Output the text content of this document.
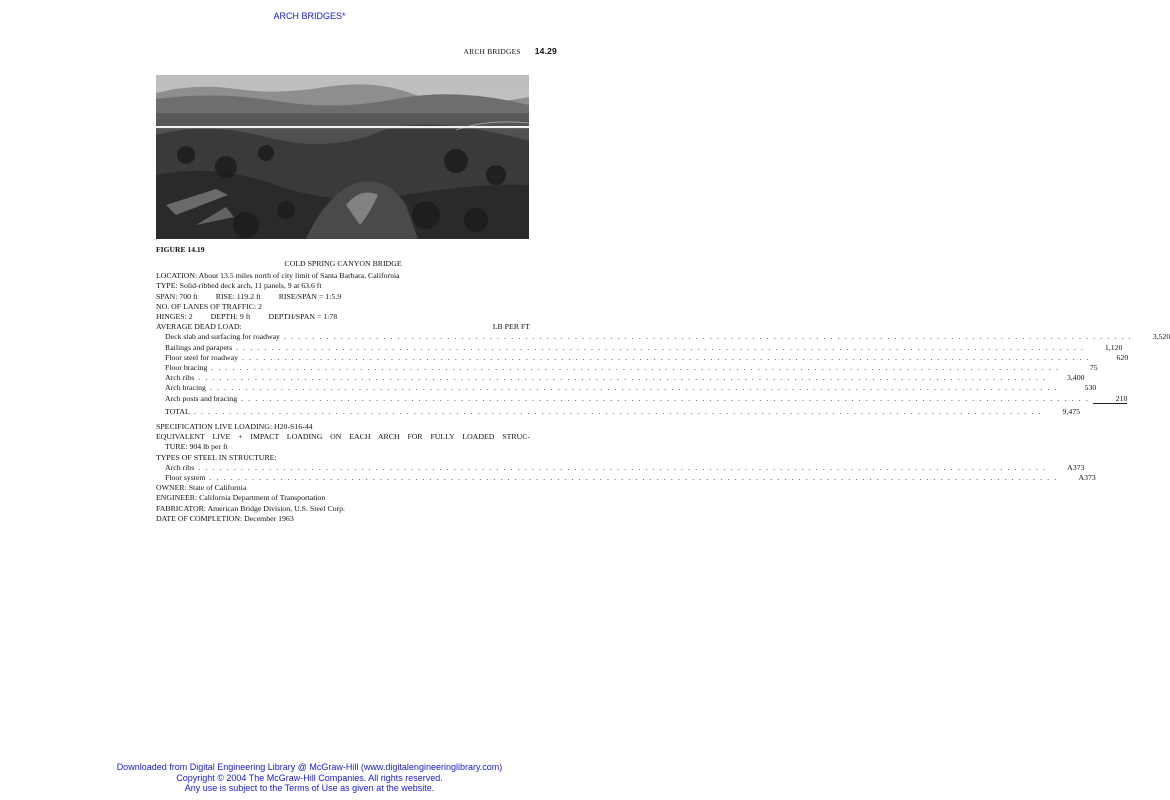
ARCH BRIDGES*
ARCH BRIDGES 14.29
FIGURE 14.19
COLD SPRING CANYON BRIDGE
LOCATION: About 13.5 miles north of city limit of Santa Barbara, California
TYPE: Solid-ribbed deck arch, 11 panels, 9 at 63.6 ft
SPAN: 700 ft RISE: 119.2 ft RISE/SPAN = 1:5.9
NO. OF LANES OF TRAFFIC: 2
HINGES: 2 DEPTH: 9 ft DEPTH/SPAN = 1:78
AVERAGE DEAD LOAD:	LB PER FT
Deck slab and surfacing for roadway . . . . . . . . . . . . . . . . . . . . . . . . . . . . . . . . . . . . . . . . . . . . . . . . . . . . . . . . . . . . . . . . . . . . . . . . . . . . . . . . . . . . . . . . . . . . . . . . . . . . . . . . . . . . . . . . . . . . . . . .	3,520
Railings and parapets . . . . . . . . . . . . . . . . . . . . . . . . . . . . . . . . . . . . . . . . . . . . . . . . . . . . . . . . . . . . . . . . . . . . . . . . . . . . . . . . . . . . . . . . . . . . . . . . . . . . . . . . . . . . . . . . . . . . . . . .	1,120
Floor steel for roadway . . . . . . . . . . . . . . . . . . . . . . . . . . . . . . . . . . . . . . . . . . . . . . . . . . . . . . . . . . . . . . . . . . . . . . . . . . . . . . . . . . . . . . . . . . . . . . . . . . . . . . . . . . . . . . . . . . . . . . . .	620
Floor bracing . . . . . . . . . . . . . . . . . . . . . . . . . . . . . . . . . . . . . . . . . . . . . . . . . . . . . . . . . . . . . . . . . . . . . . . . . . . . . . . . . . . . . . . . . . . . . . . . . . . . . . . . . . . . . . . . . . . . . . . .	75
Arch ribs . . . . . . . . . . . . . . . . . . . . . . . . . . . . . . . . . . . . . . . . . . . . . . . . . . . . . . . . . . . . . . . . . . . . . . . . . . . . . . . . . . . . . . . . . . . . . . . . . . . . . . . . . . . . . . . . . . . . . . . .	3,400
Arch bracing . . . . . . . . . . . . . . . . . . . . . . . . . . . . . . . . . . . . . . . . . . . . . . . . . . . . . . . . . . . . . . . . . . . . . . . . . . . . . . . . . . . . . . . . . . . . . . . . . . . . . . . . . . . . . . . . . . . . . . . .	530
Arch posts and bracing . . . . . . . . . . . . . . . . . . . . . . . . . . . . . . . . . . . . . . . . . . . . . . . . . . . . . . . . . . . . . . . . . . . . . . . . . . . . . . . . . . . . . . . . . . . . . . . . . . . . . . . . . . . . . . . . . . . . . . . .	210
TOTAL . . . . . . . . . . . . . . . . . . . . . . . . . . . . . . . . . . . . . . . . . . . . . . . . . . . . . . . . . . . . . . . . . . . . . . . . . . . . . . . . . . . . . . . . . . . . . . . . . . . . . . . . . . . . . . . . . . . . . . . .	9,475
SPECIFICATION LIVE LOADING: H20-S16-44
EQUIVALENT LIVE + IMPACT LOADING ON EACH ARCH FOR FULLY LOADED STRUC-
TURE: 904 lb per ft
TYPES OF STEEL IN STRUCTURE:
Arch ribs . . . . . . . . . . . . . . . . . . . . . . . . . . . . . . . . . . . . . . . . . . . . . . . . . . . . . . . . . . . . . . . . . . . . . . . . . . . . . . . . . . . . . . . . . . . . . . . . . . . . . . . . . . . . . . . . . . . . . . . .	A373
Floor system . . . . . . . . . . . . . . . . . . . . . . . . . . . . . . . . . . . . . . . . . . . . . . . . . . . . . . . . . . . . . . . . . . . . . . . . . . . . . . . . . . . . . . . . . . . . . . . . . . . . . . . . . . . . . . . . . . . . . . . .	A373
OWNER: State of California
ENGINEER: California Department of Transportation
FABRICATOR: American Bridge Division, U.S. Steel Corp.
DATE OF COMPLETION: December 1963
Downloaded from Digital Engineering Library @ McGraw-Hill (www.digitalengineeringlibrary.com)
Copyright © 2004 The McGraw-Hill Companies. All rights reserved.
Any use is subject to the Terms of Use as given at the website.
